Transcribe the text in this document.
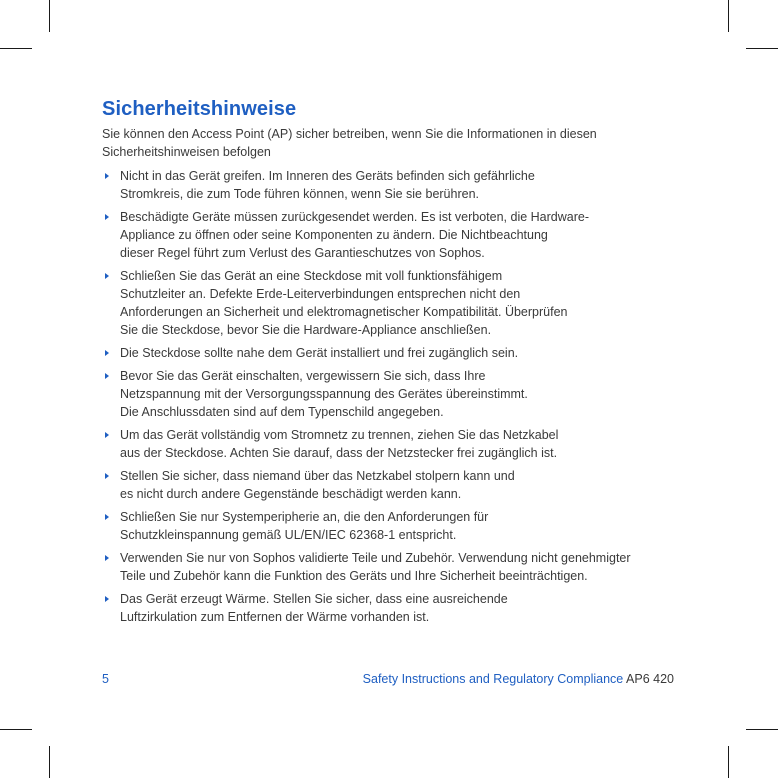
Sicherheitshinweise

Sie können den Access Point (AP) sicher betreiben, wenn Sie die Informationen in diesen Sicherheitshinweisen befolgen

Nicht in das Gerät greifen. Im Inneren des Geräts befinden sich gefährliche
Stromkreis, die zum Tode führen können, wenn Sie sie berühren.
Beschädigte Geräte müssen zurückgesendet werden. Es ist verboten, die Hardware-
Appliance zu öffnen oder seine Komponenten zu ändern. Die Nichtbeachtung
dieser Regel führt zum Verlust des Garantieschutzes von Sophos.
Schließen Sie das Gerät an eine Steckdose mit voll funktionsfähigem
Schutzleiter an. Defekte Erde-Leiterverbindungen entsprechen nicht den
Anforderungen an Sicherheit und elektromagnetischer Kompatibilität. Überprüfen
Sie die Steckdose, bevor Sie die Hardware-Appliance anschließen.
Die Steckdose sollte nahe dem Gerät installiert und frei zugänglich sein.
Bevor Sie das Gerät einschalten, vergewissern Sie sich, dass Ihre
Netzspannung mit der Versorgungsspannung des Gerätes übereinstimmt.
Die Anschlussdaten sind auf dem Typenschild angegeben.
Um das Gerät vollständig vom Stromnetz zu trennen, ziehen Sie das Netzkabel
aus der Steckdose. Achten Sie darauf, dass der Netzstecker frei zugänglich ist.
Stellen Sie sicher, dass niemand über das Netzkabel stolpern kann und
es nicht durch andere Gegenstände beschädigt werden kann.
Schließen Sie nur Systemperipherie an, die den Anforderungen für
Schutzkleinspannung gemäß UL/EN/IEC 62368-1 entspricht.
Verwenden Sie nur von Sophos validierte Teile und Zubehör. Verwendung nicht genehmigter
Teile und Zubehör kann die Funktion des Geräts und Ihre Sicherheit beeinträchtigen.
Das Gerät erzeugt Wärme. Stellen Sie sicher, dass eine ausreichende
Luftzirkulation zum Entfernen der Wärme vorhanden ist.
5	Safety Instructions and Regulatory Compliance AP6 420
